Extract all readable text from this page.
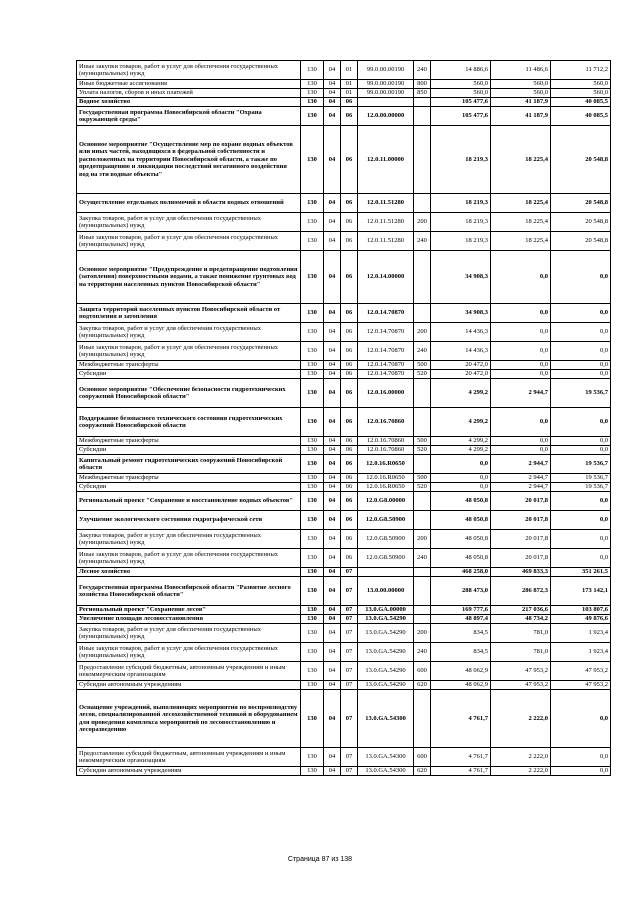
Иные закупки товаров, работ и услуг для обеспечения государственных (муниципальных) нужд	130	04	01	99.0.00.00190	240	14 886,6	11 486,6	11 712,2
Иные бюджетные ассигнования	130	04	01	99.0.00.00190	800	560,0	560,0	560,0
Уплата налогов, сборов и иных платежей	130	04	01	99.0.00.00190	850	560,0	560,0	560,0
Водное хозяйство	130	04	06			105 477,6	41 187,9	40 085,5
Государственная программа Новосибирской области "Охрана окружающей среды"	130	04	06	12.0.00.00000		105 477,6	41 187,9	40 085,5
Основное мероприятие "Осуществление мер по охране водных объектов или иных частей, находящихся в федеральной собственности и расположенных на территории Новосибирской области, а также по предотвращению и ликвидации последствий негативного воздействия вод на эти водные объекты"	130	04	06	12.0.11.00000		18 219,3	18 225,4	20 548,8
Осуществление отдельных полномочий в области водных отношений	130	04	06	12.0.11.51280		18 219,3	18 225,4	20 548,8
Закупка товаров, работ и услуг для обеспечения государственных (муниципальных) нужд	130	04	06	12.0.11.51280	200	18 219,3	18 225,4	20 548,8
Иные закупки товаров, работ и услуг для обеспечения государственных (муниципальных) нужд	130	04	06	12.0.11.51280	240	18 219,3	18 225,4	20 548,8
Основное мероприятие "Предупреждение и предотвращение подтопления (затопления) поверхностными водами, а также понижение грунтовых вод на территории населенных пунктов Новосибирской области"	130	04	06	12.0.14.00000		34 908,3	0,0	0,0
Защита территорий населенных пунктов Новосибирской области от подтопления и затопления	130	04	06	12.0.14.70870		34 908,3	0,0	0,0
Закупка товаров, работ и услуг для обеспечения государственных (муниципальных) нужд	130	04	06	12.0.14.70870	200	14 436,3	0,0	0,0
Иные закупки товаров, работ и услуг для обеспечения государственных (муниципальных) нужд	130	04	06	12.0.14.70870	240	14 436,3	0,0	0,0
Межбюджетные трансферты	130	04	06	12.0.14.70870	500	20 472,0	0,0	0,0
Субсидии	130	04	06	12.0.14.70870	520	20 472,0	0,0	0,0
Основное мероприятие "Обеспечение безопасности гидротехнических сооружений Новосибирской области"	130	04	06	12.0.16.00000		4 299,2	2 944,7	19 536,7
Поддержание безопасного технического состояния гидротехнических сооружений Новосибирской области	130	04	06	12.0.16.70860		4 299,2	0,0	0,0
Межбюджетные трансферты	130	04	06	12.0.16.70860	500	4 299,2	0,0	0,0
Субсидии	130	04	06	12.0.16.70860	520	4 299,2	0,0	0,0
Капитальный ремонт гидротехнических сооружений Новосибирской области	130	04	06	12.0.16.R0650		0,0	2 944,7	19 536,7
Межбюджетные трансферты	130	04	06	12.0.16.R0650	500	0,0	2 944,7	19 536,7
Субсидии	130	04	06	12.0.16.R0650	520	0,0	2 944,7	19 536,7
Региональный проект "Сохранение и восстановление водных объектов"	130	04	06	12.0.G8.00000		48 050,8	20 017,8	0,0
Улучшение экологического состояния гидрографической сети	130	04	06	12.0.G8.50900		48 050,8	20 017,8	0,0
Закупка товаров, работ и услуг для обеспечения государственных (муниципальных) нужд	130	04	06	12.0.G8.50900	200	48 050,8	20 017,8	0,0
Иные закупки товаров, работ и услуг для обеспечения государственных (муниципальных) нужд	130	04	06	12.0.G8.50900	240	48 050,8	20 017,8	0,0
Лесное хозяйство	130	04	07			468 258,0	469 833,3	351 261,5
Государственная программа Новосибирской области "Развитие лесного хозяйства Новосибирской области"	130	04	07	13.0.00.00000		288 473,0	286 872,3	173 142,1
Региональный проект "Сохранение лесов"	130	04	07	13.0.GA.00000		169 777,6	217 036,6	103 807,6
Увеличение площади лесовосстановления	130	04	07	13.0.GA.54290		48 897,4	48 734,2	49 876,6
Закупка товаров, работ и услуг для обеспечения государственных (муниципальных) нужд	130	04	07	13.0.GA.54290	200	834,5	781,0	1 923,4
Иные закупки товаров, работ и услуг для обеспечения государственных (муниципальных) нужд	130	04	07	13.0.GA.54290	240	834,5	781,0	1 923,4
Предоставление субсидий бюджетным, автономным учреждениям и иным некоммерческим организациям	130	04	07	13.0.GA.54290	600	48 062,9	47 953,2	47 953,2
Субсидии автономным учреждениям	130	04	07	13.0.GA.54290	620	48 062,9	47 953,2	47 953,2
Оснащение учреждений, выполняющих мероприятия по воспроизводству лесов, специализированной лесохозяйственной техникой и оборудованием для проведения комплекса мероприятий по лесовосстановлению и лесоразведению	130	04	07	13.0.GA.54300		4 761,7	2 222,0	0,0
Предоставление субсидий бюджетным, автономным учреждениям и иным некоммерческим организациям	130	04	07	13.0.GA.54300	600	4 761,7	2 222,0	0,0
Субсидии автономным учреждениям	130	04	07	13.0.GA.54300	620	4 761,7	2 222,0	0,0
Страница 87 из 138
